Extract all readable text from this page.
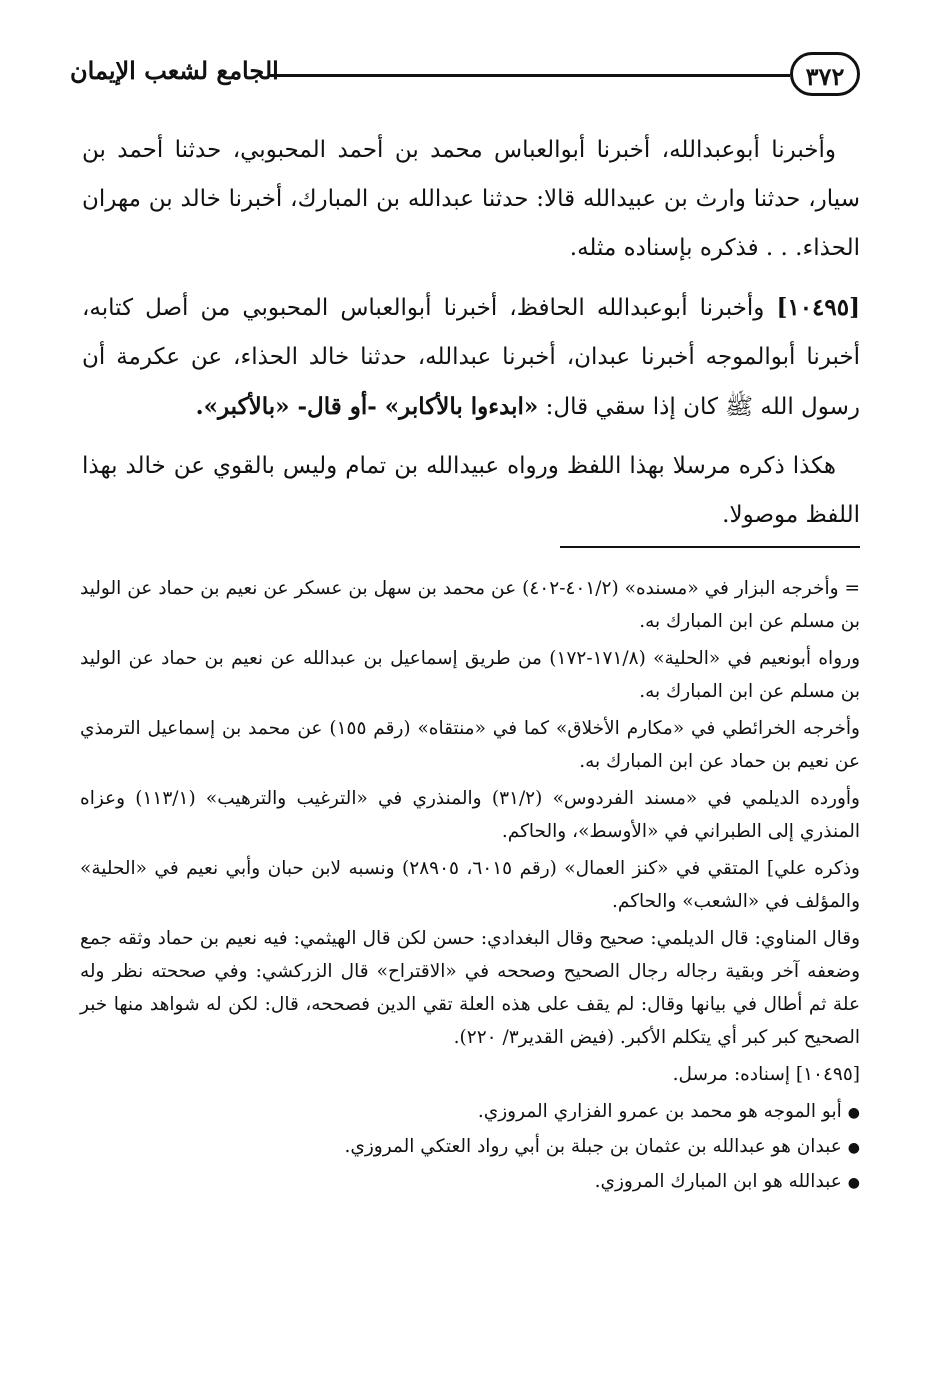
٣٧٢
الجامع لشعب الإيمان

وأخبرنا أبوعبدالله، أخبرنا أبوالعباس محمد بن أحمد المحبوبي، حدثنا أحمد بن سيار، حدثنا وارث بن عبيدالله قالا: حدثنا عبدالله بن المبارك، أخبرنا خالد بن مهران الحذاء. . . فذكره بإسناده مثله.

[١٠٤٩٥] وأخبرنا أبوعبدالله الحافظ، أخبرنا أبوالعباس المحبوبي من أصل كتابه، أخبرنا أبوالموجه أخبرنا عبدان، أخبرنا عبدالله، حدثنا خالد الحذاء، عن عكرمة أن رسول الله ﷺ كان إذا سقي قال: «ابدءوا بالأكابر» -أو قال- «بالأكبر».

هكذا ذكره مرسلا بهذا اللفظ ورواه عبيدالله بن تمام وليس بالقوي عن خالد بهذا اللفظ موصولا.

= وأخرجه البزار في «مسنده» (٤٠١/٢-٤٠٢) عن محمد بن سهل بن عسكر عن نعيم بن حماد عن الوليد بن مسلم عن ابن المبارك به.

ورواه أبونعيم في «الحلية» (١٧١/٨-١٧٢) من طريق إسماعيل بن عبدالله عن نعيم بن حماد عن الوليد بن مسلم عن ابن المبارك به.

وأخرجه الخرائطي في «مكارم الأخلاق» كما في «منتقاه» (رقم ١٥٥) عن محمد بن إسماعيل الترمذي عن نعيم بن حماد عن ابن المبارك به.

وأورده الديلمي في «مسند الفردوس» (٣١/٢) والمنذري في «الترغيب والترهيب» (١١٣/١) وعزاه المنذري إلى الطبراني في «الأوسط»، والحاكم.

وذكره علي] المتقي في «كنز العمال» (رقم ٦٠١٥، ٢٨٩٠٥) ونسبه لابن حبان وأبي نعيم في «الحلية» والمؤلف في «الشعب» والحاكم.

وقال المناوي: قال الديلمي: صحيح وقال البغدادي: حسن لكن قال الهيثمي: فيه نعيم بن حماد وثقه جمع وضعفه آخر وبقية رجاله رجال الصحيح وصححه في «الاقتراح» قال الزركشي: وفي صححته نظر وله علة ثم أطال في بيانها وقال: لم يقف على هذه العلة تقي الدين فصححه، قال: لكن له شواهد منها خبر الصحيح كبر كبر أي يتكلم الأكبر. (فيض القدير٣/ ٢٢٠).

[١٠٤٩٥] إسناده: مرسل.

●أبو الموجه هو محمد بن عمرو الفزاري المروزي.
●عبدان هو عبدالله بن عثمان بن جبلة بن أبي رواد العتكي المروزي.
●عبدالله هو ابن المبارك المروزي.
